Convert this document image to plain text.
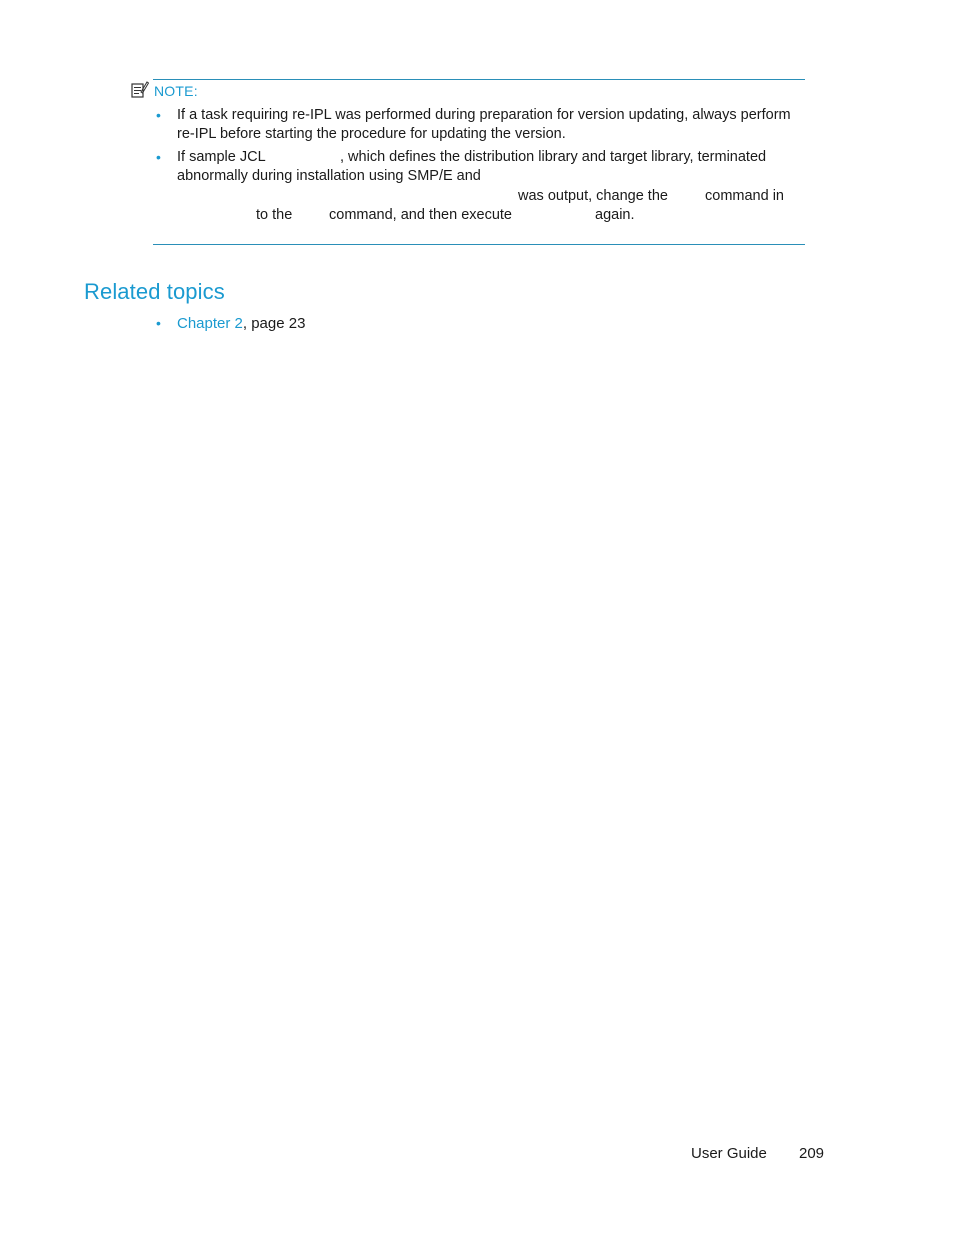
NOTE:
• If a task requiring re-IPL was performed during preparation for version updating, always perform
re-IPL before starting the procedure for updating the version.
• If sample JCL	, which defines the distribution library and target library, terminated
abnormally during installation using SMP/E and
was output, change the	command in
to the	command, and then execute	again.
Related topics
• Chapter 2, page 23
User Guide 209
